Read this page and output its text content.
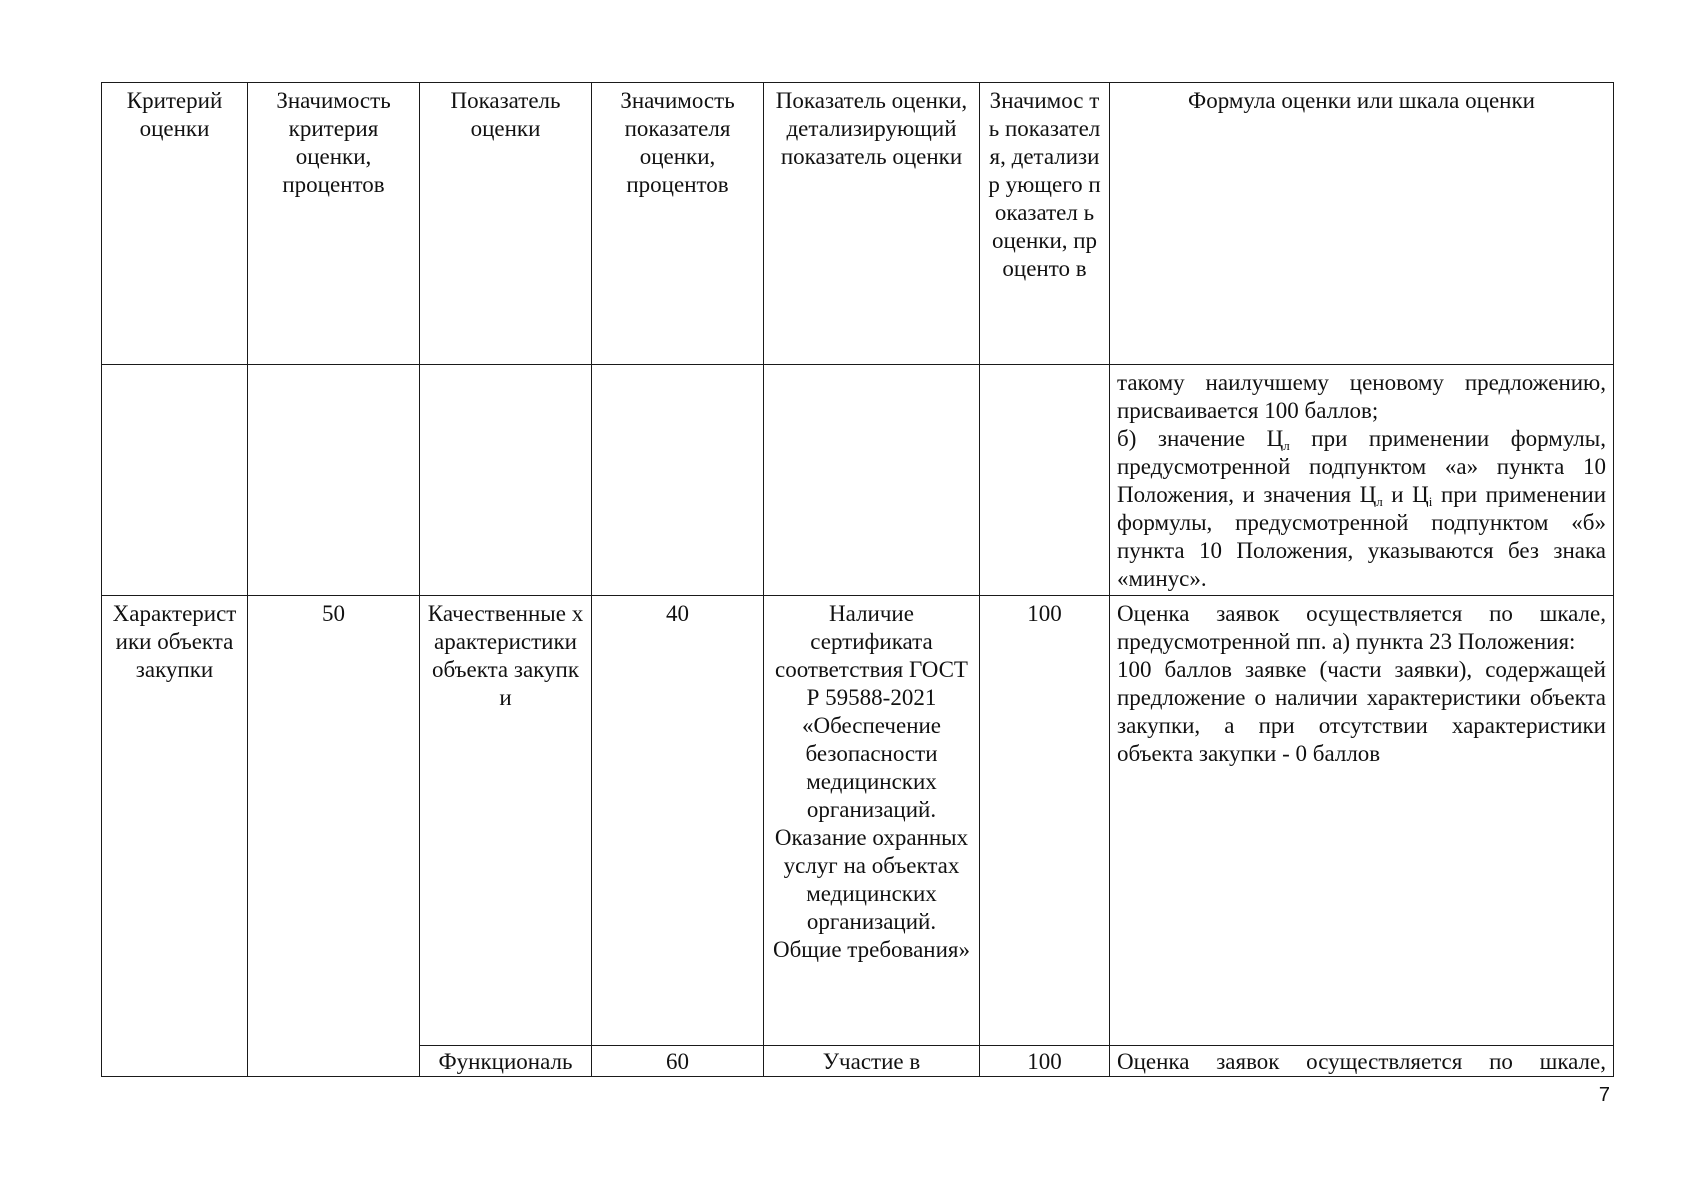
Критерий оценки	Значимость критерия оценки, процентов	Показатель оценки	Значимость показателя оценки, процентов	Показатель оценки, детализирующий показатель оценки	Значимос ть показател я, детализир ующего показател ь оценки, проценто в	Формула оценки или шкала оценки
						такому наилучшему ценовому предложению, присваивается 100 баллов;
б) значение $Ц_л$ при применении формулы, предусмотренной подпунктом «а» пункта 10 Положения, и значения $Ц_л$ и $Ц_i$ при применении формулы, предусмотренной подпунктом «б» пункта 10 Положения, указываются без знака «минус».
Характеристики объекта закупки	50	Качественные характеристики объекта закупки	40	Наличие сертификата соответствия ГОСТ Р 59588-2021 «Обеспечение безопасности медицинских организаций. Оказание охранных услуг на объектах медицинских организаций. Общие требования»	100	Оценка заявок осуществляется по шкале, предусмотренной пп. а) пункта 23 Положения:
100 баллов заявке (части заявки), содержащей предложение о наличии характеристики объекта закупки, а при отсутствии характеристики объекта закупки - 0 баллов

		Функциональ	60	Участие в	100	Оценка заявок осуществляется по шкале,
7
